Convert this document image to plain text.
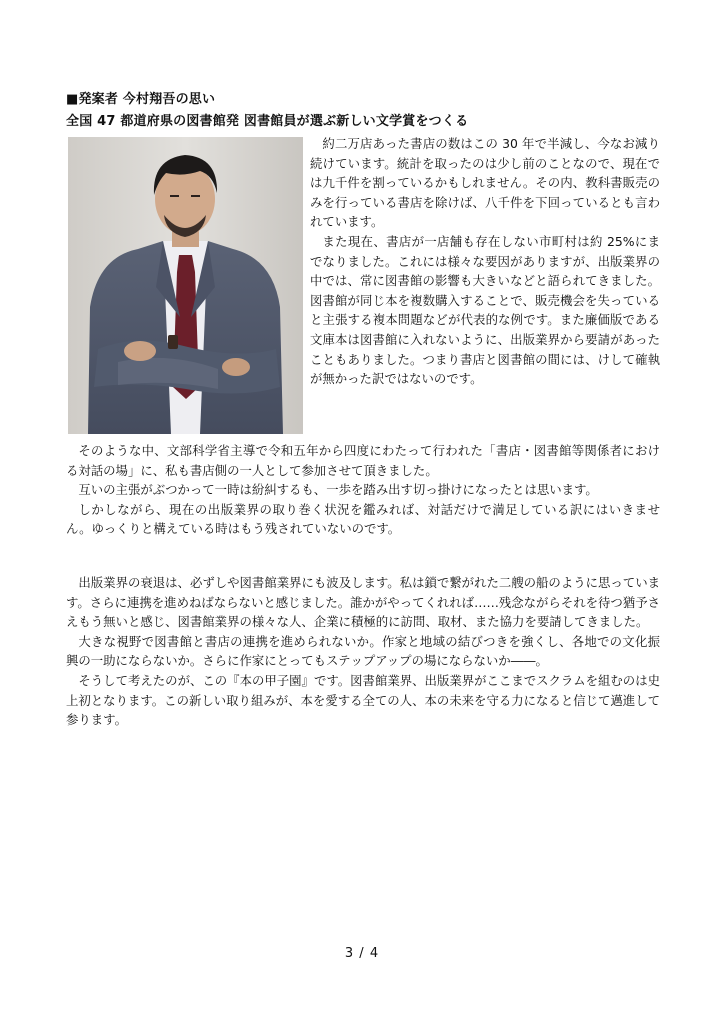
■発案者 今村翔吾の思い
全国 47 都道府県の図書館発 図書館員が選ぶ新しい文学賞をつくる

約二万店あった書店の数はこの 30 年で半減し、今なお減り続けています。統計を取ったのは少し前のことなので、現在では九千件を割っているかもしれません。その内、教科書販売のみを行っている書店を除けば、八千件を下回っているとも言われています。

また現在、書店が一店舗も存在しない市町村は約 25%にまでなりました。これには様々な要因がありますが、出版業界の中では、常に図書館の影響も大きいなどと語られてきました。図書館が同じ本を複数購入することで、販売機会を失っていると主張する複本問題などが代表的な例です。また廉価版である文庫本は図書館に入れないように、出版業界から要請があったこともありました。つまり書店と図書館の間には、けして確執が無かった訳ではないのです。

そのような中、文部科学省主導で令和五年から四度にわたって行われた「書店・図書館等関係者における対話の場」に、私も書店側の一人として参加させて頂きました。

互いの主張がぶつかって一時は紛糾するも、一歩を踏み出す切っ掛けになったとは思います。

しかしながら、現在の出版業界の取り巻く状況を鑑みれば、対話だけで満足している訳にはいきません。ゆっくりと構えている時はもう残されていないのです。

出版業界の衰退は、必ずしや図書館業界にも波及します。私は鎖で繋がれた二艘の船のように思っています。さらに連携を進めねばならないと感じました。誰かがやってくれれば……残念ながらそれを待つ猶予さえもう無いと感じ、図書館業界の様々な人、企業に積極的に訪問、取材、また協力を要請してきました。

大きな視野で図書館と書店の連携を進められないか。作家と地域の結びつきを強くし、各地での文化振興の一助にならないか。さらに作家にとってもステップアップの場にならないか――。

そうして考えたのが、この『本の甲子園』です。図書館業界、出版業界がここまでスクラムを組むのは史上初となります。この新しい取り組みが、本を愛する全ての人、本の未来を守る力になると信じて邁進して参ります。

3 / 4
